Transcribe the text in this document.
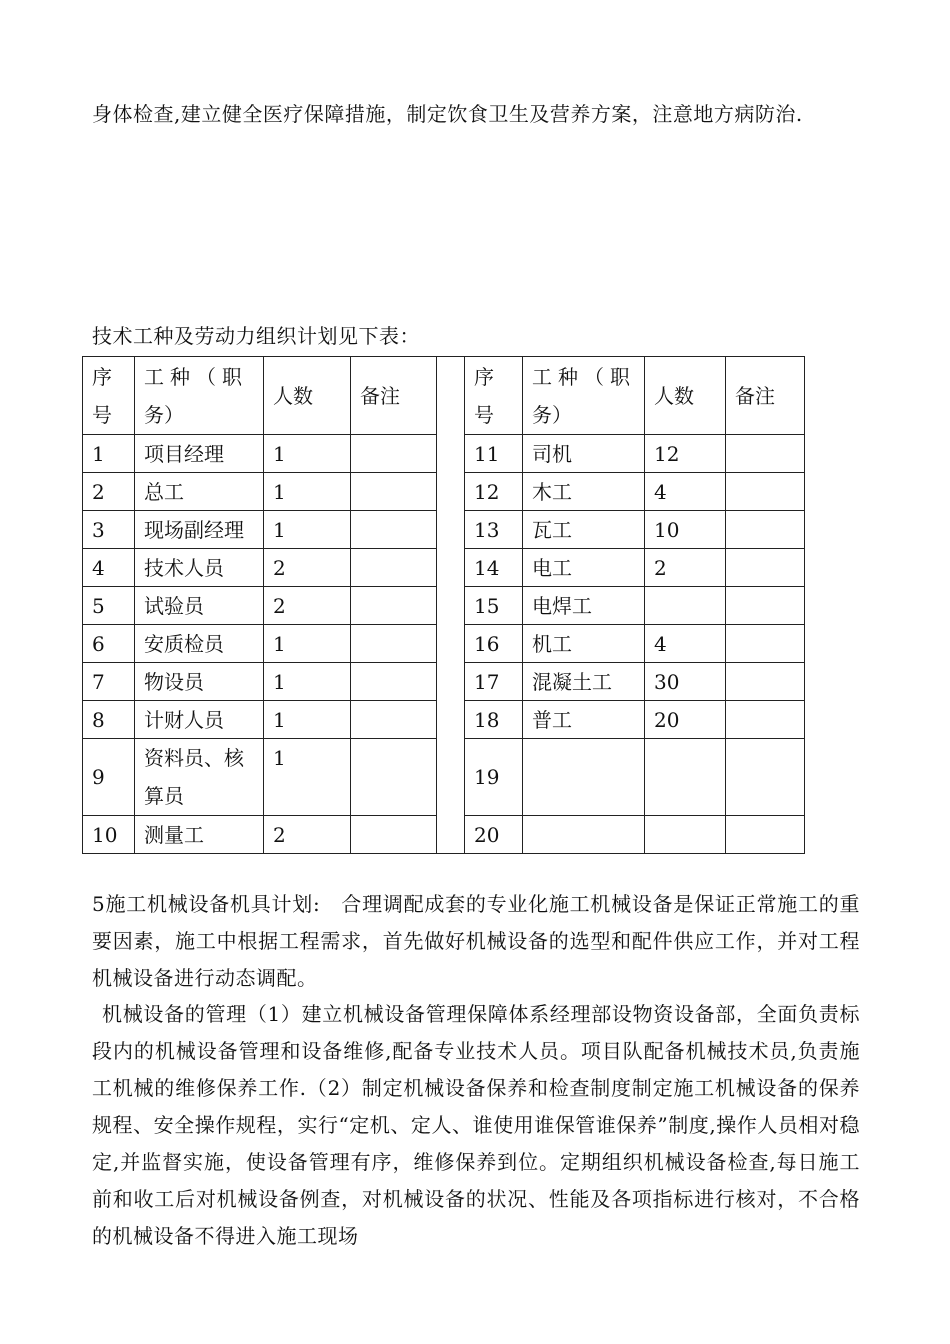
身体检查,建立健全医疗保障措施，制定饮食卫生及营养方案，注意地方病防治.

技术工种及劳动力组织计划见下表：

序
号	工种（职
务）	人数	备注		序
号	工种（职
务）	人数	备注
1	项目经理	1			11	司机	12	
2	总工	1			12	木工	4	
3	现场副经理	1			13	瓦工	10	
4	技术人员	2			14	电工	2	
5	试验员	2			15	电焊工		
6	安质检员	1			16	机工	4	
7	物设员	1			17	混凝土工	30	
8	计财人员	1			18	普工	20	
9	资料员、核
算员	1			19			
10	测量工	2			20			

5施工机械设备机具计划:　合理调配成套的专业化施工机械设备是保证正常施工的重要因素，施工中根据工程需求，首先做好机械设备的选型和配件供应工作，并对工程机械设备进行动态调配。

机械设备的管理（1）建立机械设备管理保障体系经理部设物资设备部，全面负责标段内的机械设备管理和设备维修,配备专业技术人员。项目队配备机械技术员,负责施工机械的维修保养工作.（2）制定机械设备保养和检查制度制定施工机械设备的保养规程、安全操作规程，实行“定机、定人、谁使用谁保管谁保养”制度,操作人员相对稳定,并监督实施，使设备管理有序，维修保养到位。定期组织机械设备检查,每日施工前和收工后对机械设备例查，对机械设备的状况、性能及各项指标进行核对，不合格的机械设备不得进入施工现场
